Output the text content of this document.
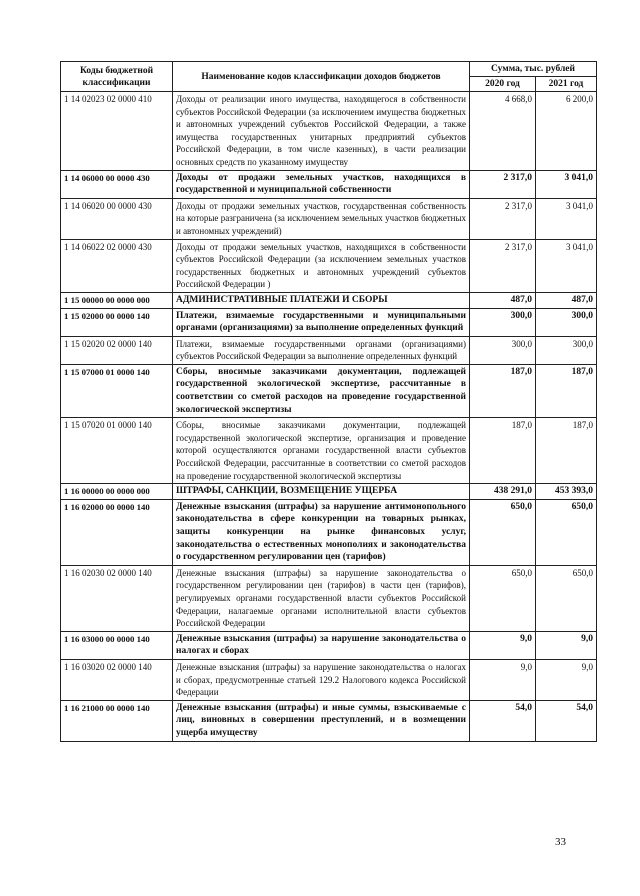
Коды бюджетной классификации	Наименование кодов классификации доходов бюджетов	Сумма, тыс. рублей	
		2020 год	2021 год
1 14 02023 02 0000 410	Доходы от реализации иного имущества, находящегося в собственности субъектов Российской Федерации (за исключением имущества бюджетных и автономных учреждений субъектов Российской Федерации, а также имущества государственных унитарных предприятий субъектов Российской Федерации, в том числе казенных), в части реализации основных средств по указанному имуществу	4 668,0	6 200,0
1 14 06000 00 0000 430	Доходы от продажи земельных участков, находящихся в государственной и муниципальной собственности	2 317,0	3 041,0
1 14 06020 00 0000 430	Доходы от продажи земельных участков, государственная собственность на которые разграничена (за исключением земельных участков бюджетных и автономных учреждений)	2 317,0	3 041,0
1 14 06022 02 0000 430	Доходы от продажи земельных участков, находящихся в собственности субъектов Российской Федерации (за исключением земельных участков государственных бюджетных и автономных учреждений субъектов Российской Федерации )	2 317,0	3 041,0
1 15 00000 00 0000 000	АДМИНИСТРАТИВНЫЕ ПЛАТЕЖИ И СБОРЫ	487,0	487,0
1 15 02000 00 0000 140	Платежи, взимаемые государственными и муниципальными органами (организациями) за выполнение определенных функций	300,0	300,0
1 15 02020 02 0000 140	Платежи, взимаемые государственными органами (организациями) субъектов Российской Федерации за выполнение определенных функций	300,0	300,0
1 15 07000 01 0000 140	Сборы, вносимые заказчиками документации, подлежащей государственной экологической экспертизе, рассчитанные в соответствии со сметой расходов на проведение государственной экологической экспертизы	187,0	187,0
1 15 07020 01 0000 140	Сборы, вносимые заказчиками документации, подлежащей государственной экологической экспертизе, организация и проведение которой осуществляются органами государственной власти субъектов Российской Федерации, рассчитанные в соответствии со сметой расходов на проведение государственной экологической экспертизы	187,0	187,0
1 16 00000 00 0000 000	ШТРАФЫ, САНКЦИИ, ВОЗМЕЩЕНИЕ УЩЕРБА	438 291,0	453 393,0
1 16 02000 00 0000 140	Денежные взыскания (штрафы) за нарушение антимонопольного законодательства в сфере конкуренции на товарных рынках, защиты конкуренции на рынке финансовых услуг, законодательства о естественных монополиях и законодательства о государственном регулировании цен (тарифов)	650,0	650,0
1 16 02030 02 0000 140	Денежные взыскания (штрафы) за нарушение законодательства о государственном регулировании цен (тарифов) в части цен (тарифов), регулируемых органами государственной власти субъектов Российской Федерации, налагаемые органами исполнительной власти субъектов Российской Федерации	650,0	650,0
1 16 03000 00 0000 140	Денежные взыскания (штрафы) за нарушение законодательства о налогах и сборах	9,0	9,0
1 16 03020 02 0000 140	Денежные взыскания (штрафы) за нарушение законодательства о налогах и сборах, предусмотренные статьей 129.2 Налогового кодекса Российской Федерации	9,0	9,0
1 16 21000 00 0000 140	Денежные взыскания (штрафы) и иные суммы, взыскиваемые с лиц, виновных в совершении преступлений, и в возмещении ущерба имуществу	54,0	54,0
33
